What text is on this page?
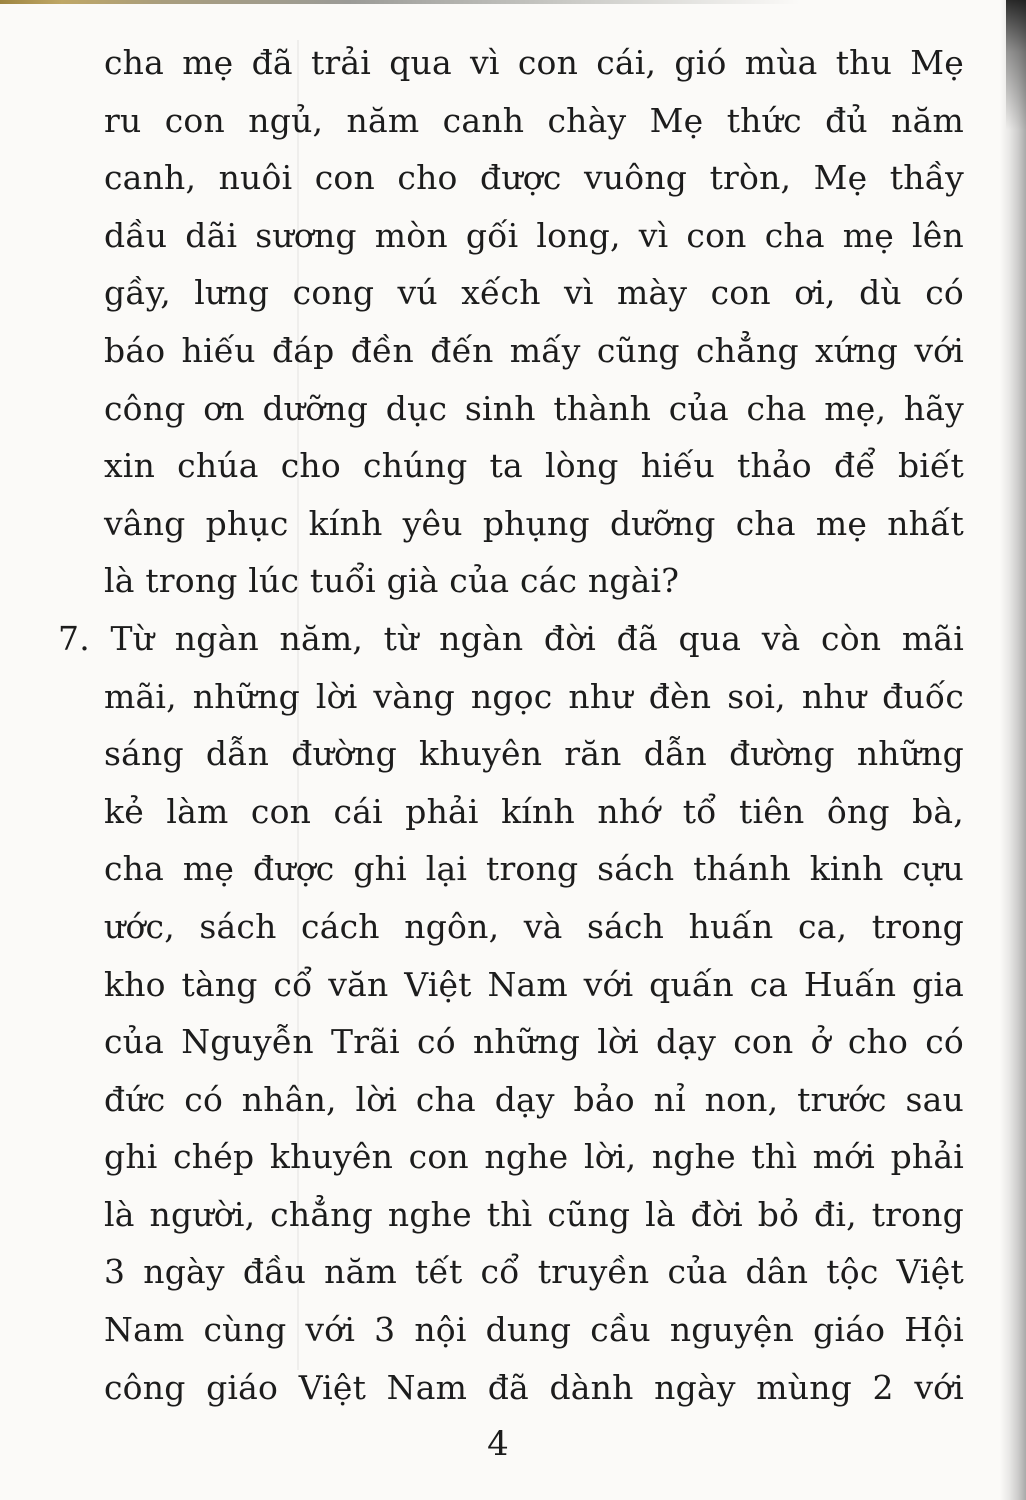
cha mẹ đã trải qua vì con cái, gió mùa thu Mẹ
ru con ngủ, năm canh chày Mẹ thức đủ năm
canh, nuôi con cho được vuông tròn, Mẹ thầy
dầu dãi sương mòn gối long, vì con cha mẹ lên
gầy, lưng cong vú xếch vì mày con ơi, dù có
báo hiếu đáp đền đến mấy cũng chẳng xứng với
công ơn dưỡng dục sinh thành của cha mẹ, hãy
xin chúa cho chúng ta lòng hiếu thảo để biết
vâng phục kính yêu phụng dưỡng cha mẹ nhất
là trong lúc tuổi già của các ngài?
7. Từ ngàn năm, từ ngàn đời đã qua và còn mãi
mãi, những lời vàng ngọc như đèn soi, như đuốc
sáng dẫn đường khuyên răn dẫn đường những
kẻ làm con cái phải kính nhớ tổ tiên ông bà,
cha mẹ được ghi lại trong sách thánh kinh cựu
ước, sách cách ngôn, và sách huấn ca, trong
kho tàng cổ văn Việt Nam với quấn ca Huấn gia
của Nguyễn Trãi có những lời dạy con ở cho có
đức có nhân, lời cha dạy bảo nỉ non, trước sau
ghi chép khuyên con nghe lời, nghe thì mới phải
là người, chẳng nghe thì cũng là đời bỏ đi, trong
3 ngày đầu năm tết cổ truyền của dân tộc Việt
Nam cùng với 3 nội dung cầu nguyện giáo Hội
công giáo Việt Nam đã dành ngày mùng 2 với
4
